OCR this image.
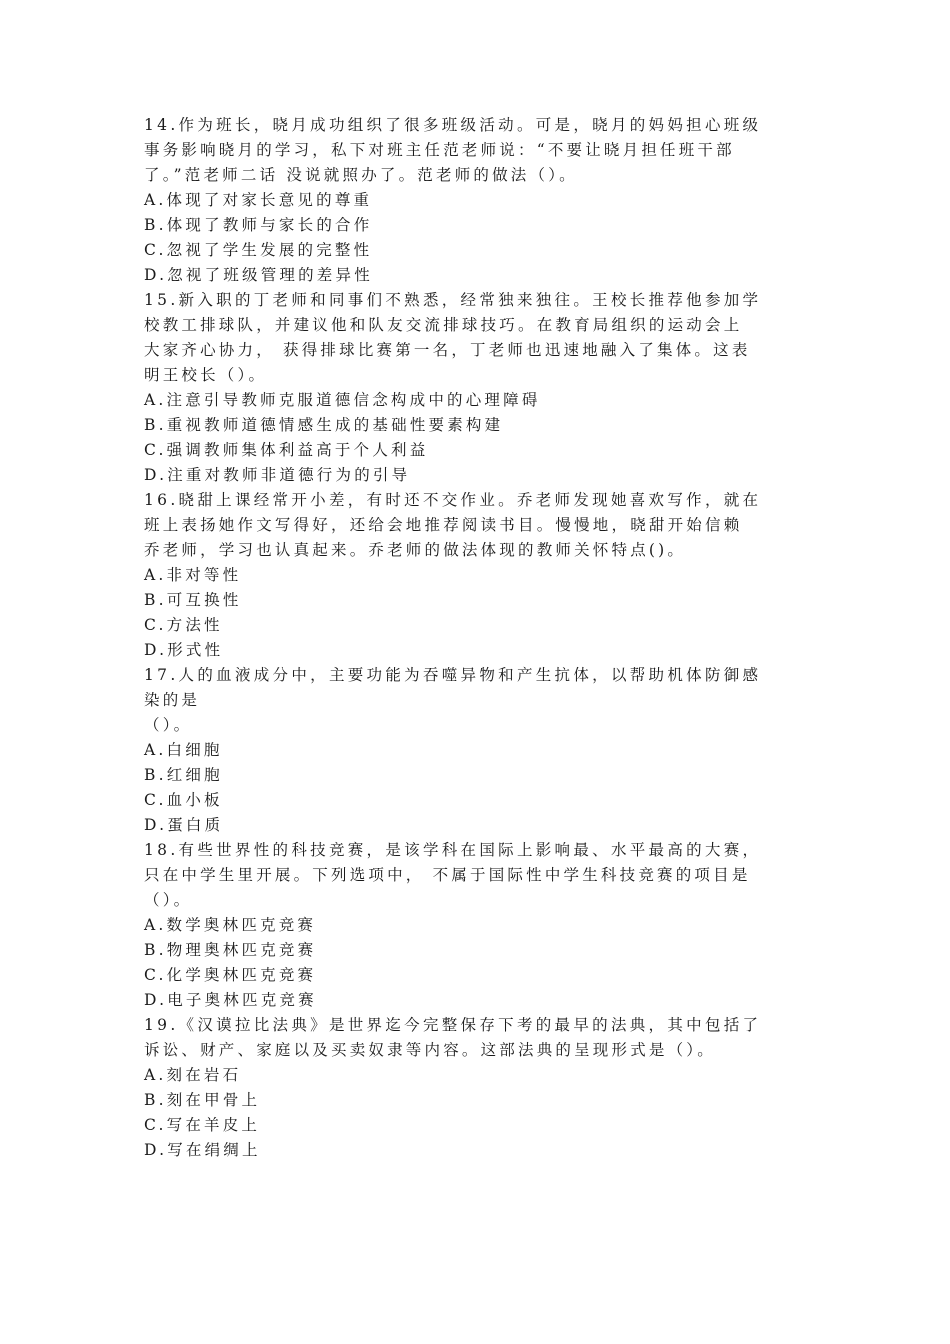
14.作为班长，晓月成功组织了很多班级活动。可是，晓月的妈妈担心班级
事务影响晓月的学习，私下对班主任范老师说：“不要让晓月担任班干部
了。”范老师二话 没说就照办了。范老师的做法（）。
A.体现了对家长意见的尊重
B.体现了教师与家长的合作
C.忽视了学生发展的完整性
D.忽视了班级管理的差异性
15.新入职的丁老师和同事们不熟悉，经常独来独往。王校长推荐他参加学
校教工排球队，并建议他和队友交流排球技巧。在教育局组织的运动会上
大家齐心协力， 获得排球比赛第一名，丁老师也迅速地融入了集体。这表
明王校长（）。
A.注意引导教师克服道德信念构成中的心理障碍
B.重视教师道德情感生成的基础性要素构建
C.强调教师集体利益高于个人利益
D.注重对教师非道德行为的引导
16.晓甜上课经常开小差，有时还不交作业。乔老师发现她喜欢写作，就在
班上表扬她作文写得好，还给会地推荐阅读书目。慢慢地，晓甜开始信赖
乔老师，学习也认真起来。乔老师的做法体现的教师关怀特点()。
A.非对等性
B.可互换性
C.方法性
D.形式性
17.人的血液成分中，主要功能为吞噬异物和产生抗体，以帮助机体防御感
染的是
（）。
A.白细胞
B.红细胞
C.血小板
D.蛋白质
18.有些世界性的科技竞赛，是该学科在国际上影响最、水平最高的大赛，
只在中学生里开展。下列选项中， 不属于国际性中学生科技竞赛的项目是
（）。
A.数学奥林匹克竞赛
B.物理奥林匹克竞赛
C.化学奥林匹克竞赛
D.电子奥林匹克竞赛
19.《汉谟拉比法典》是世界迄今完整保存下考的最早的法典，其中包括了
诉讼、财产、家庭以及买卖奴隶等内容。这部法典的呈现形式是（）。
A.刻在岩石
B.刻在甲骨上
C.写在羊皮上
D.写在绢绸上
